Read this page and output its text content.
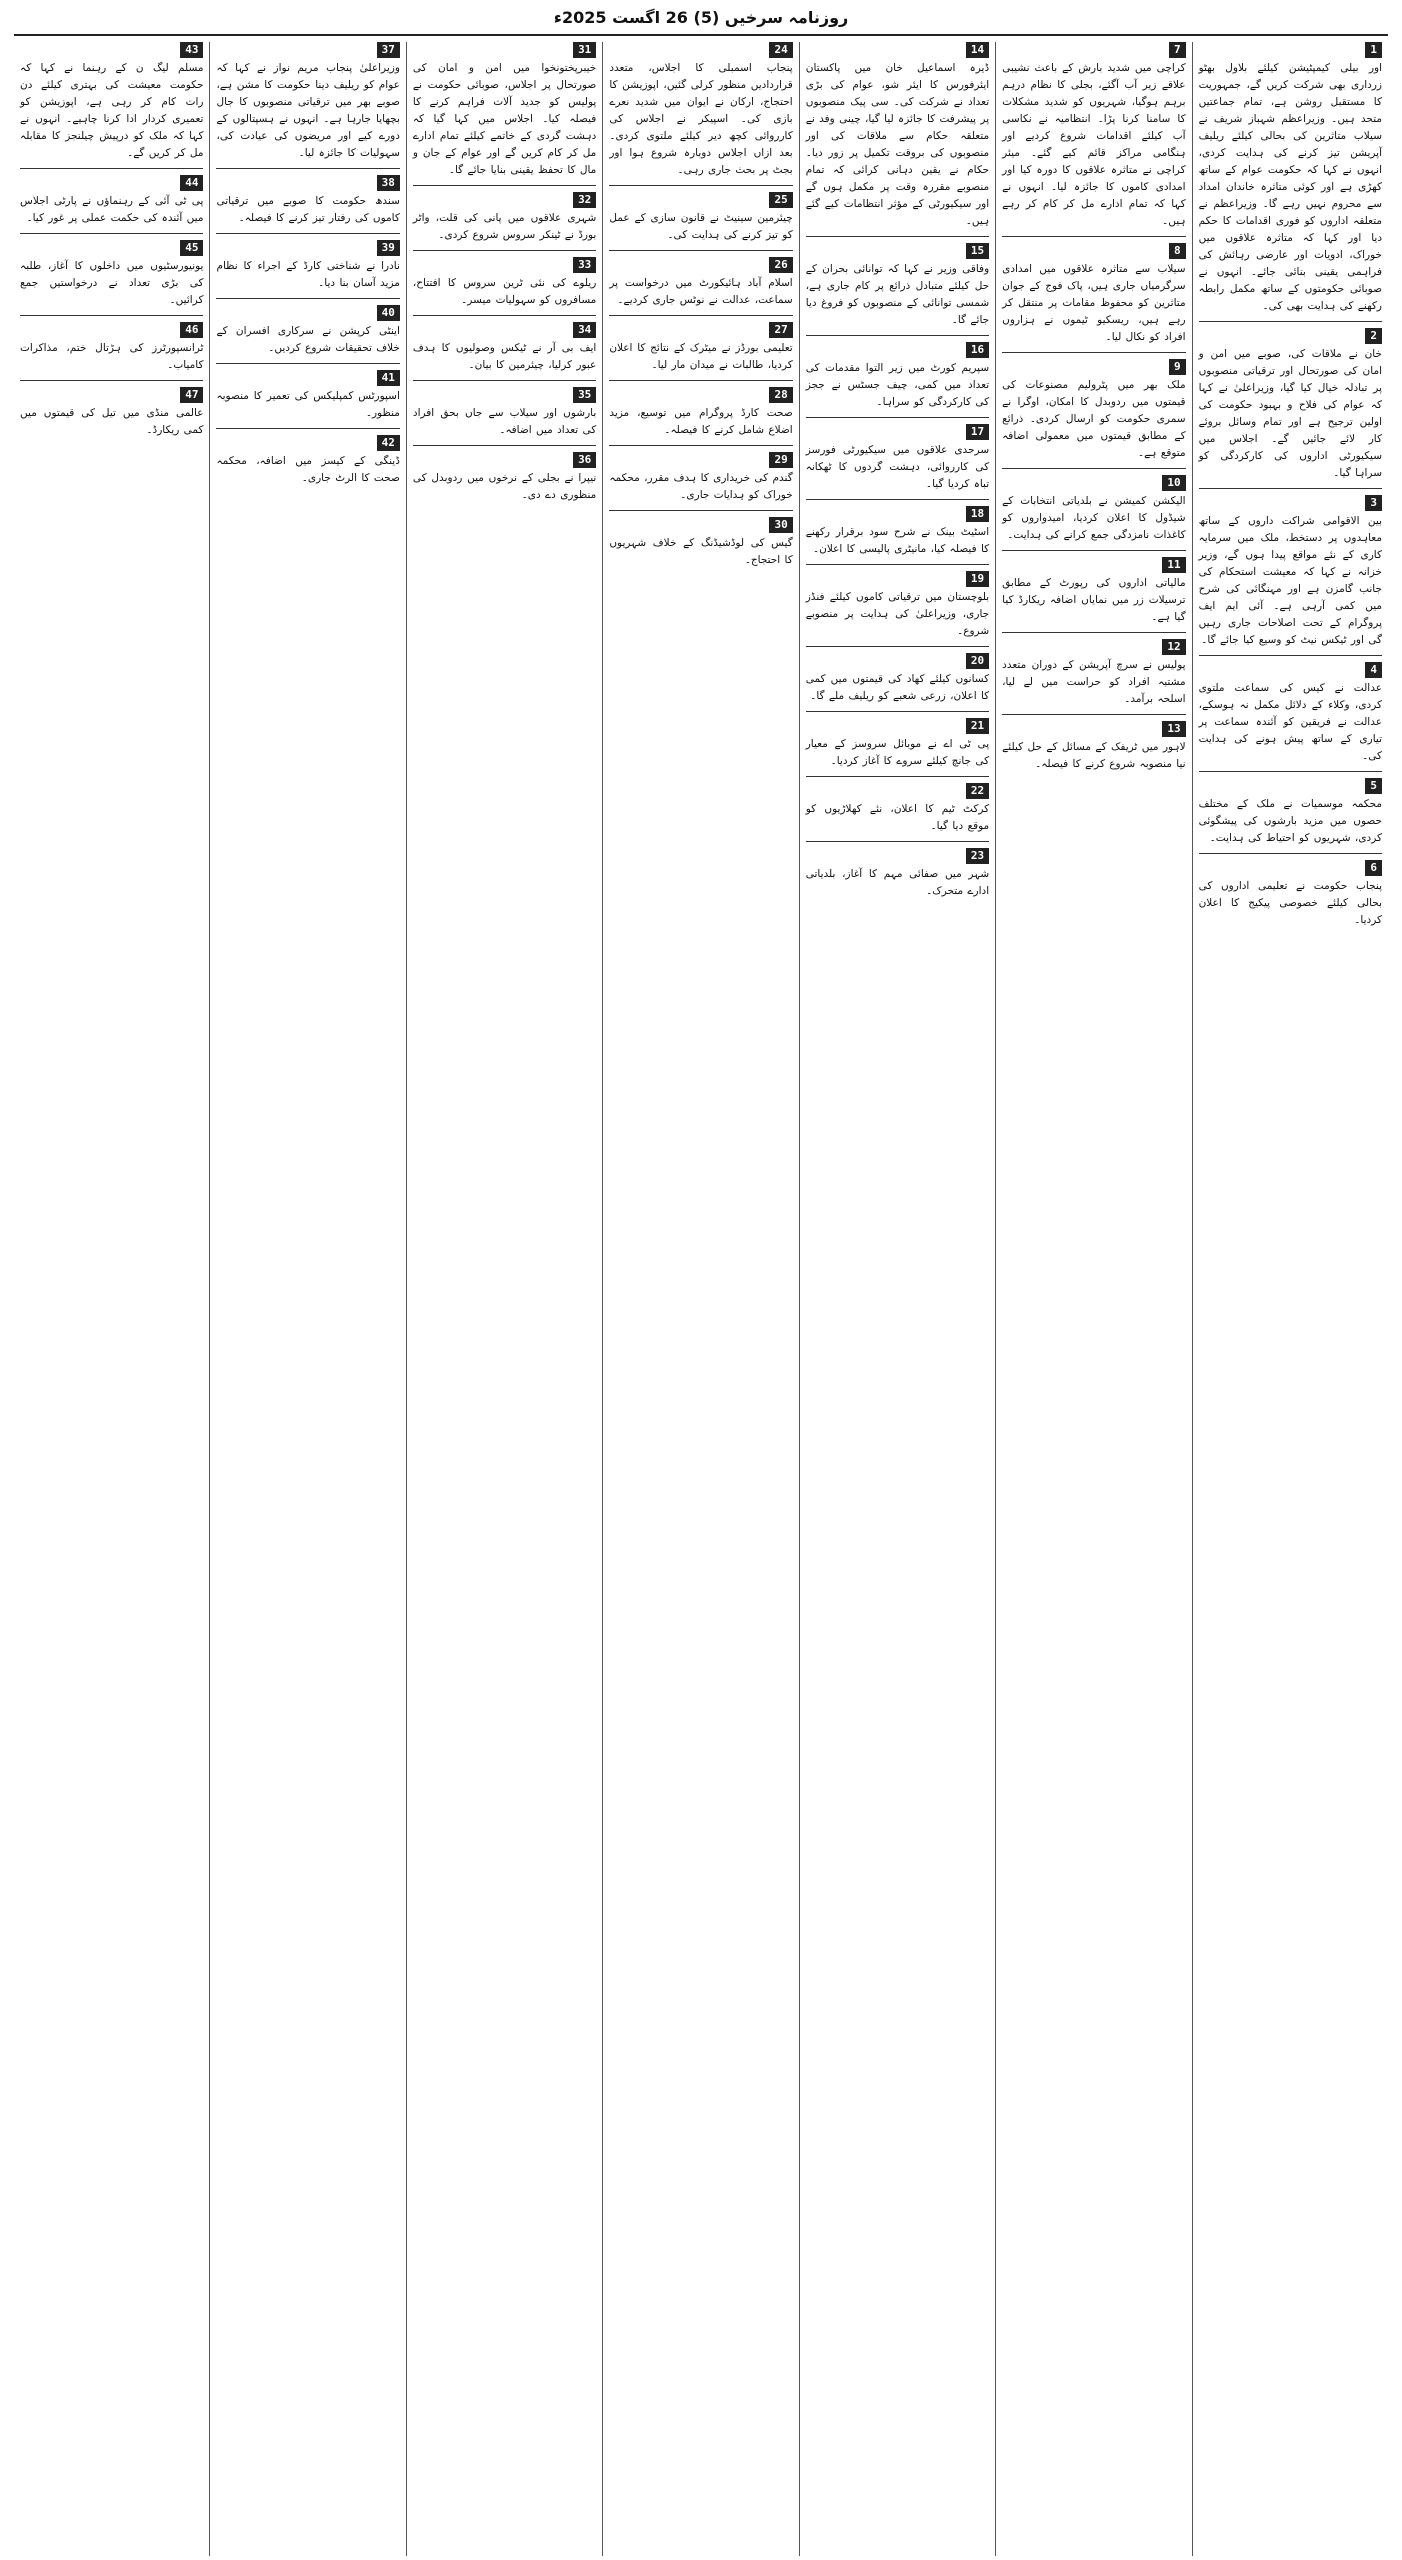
روزنامہ سرخیں (5) 26 اگست 2025ء
1
اور بیلی کیمپٹیشن کیلئے بلاول بھٹو زرداری بھی شرکت کریں گے، جمہوریت کا مستقبل روشن ہے، تمام جماعتیں متحد ہیں۔ وزیراعظم شہباز شریف نے سیلاب متاثرین کی بحالی کیلئے ریلیف آپریشن تیز کرنے کی ہدایت کردی، انہوں نے کہا کہ حکومت عوام کے ساتھ کھڑی ہے اور کوئی متاثرہ خاندان امداد سے محروم نہیں رہے گا۔ وزیراعظم نے متعلقہ اداروں کو فوری اقدامات کا حکم دیا اور کہا کہ متاثرہ علاقوں میں خوراک، ادویات اور عارضی رہائش کی فراہمی یقینی بنائی جائے۔ انہوں نے صوبائی حکومتوں کے ساتھ مکمل رابطہ رکھنے کی ہدایت بھی کی۔
2
خان نے ملاقات کی، صوبے میں امن و امان کی صورتحال اور ترقیاتی منصوبوں پر تبادلہ خیال کیا گیا، وزیراعلیٰ نے کہا کہ عوام کی فلاح و بہبود حکومت کی اولین ترجیح ہے اور تمام وسائل بروئے کار لائے جائیں گے۔ اجلاس میں سیکیورٹی اداروں کی کارکردگی کو سراہا گیا۔
3
بین الاقوامی شراکت داروں کے ساتھ معاہدوں پر دستخط، ملک میں سرمایہ کاری کے نئے مواقع پیدا ہوں گے، وزیر خزانہ نے کہا کہ معیشت استحکام کی جانب گامزن ہے اور مہنگائی کی شرح میں کمی آرہی ہے۔ آئی ایم ایف پروگرام کے تحت اصلاحات جاری رہیں گی اور ٹیکس نیٹ کو وسیع کیا جائے گا۔
4
عدالت نے کیس کی سماعت ملتوی کردی، وکلاء کے دلائل مکمل نہ ہوسکے، عدالت نے فریقین کو آئندہ سماعت پر تیاری کے ساتھ پیش ہونے کی ہدایت کی۔
5
محکمہ موسمیات نے ملک کے مختلف حصوں میں مزید بارشوں کی پیشگوئی کردی، شہریوں کو احتیاط کی ہدایت۔
6
پنجاب حکومت نے تعلیمی اداروں کی بحالی کیلئے خصوصی پیکیج کا اعلان کردیا۔
7
کراچی میں شدید بارش کے باعث نشیبی علاقے زیر آب آگئے، بجلی کا نظام درہم برہم ہوگیا، شہریوں کو شدید مشکلات کا سامنا کرنا پڑا۔ انتظامیہ نے نکاسی آب کیلئے اقدامات شروع کردیے اور ہنگامی مراکز قائم کیے گئے۔ میئر کراچی نے متاثرہ علاقوں کا دورہ کیا اور امدادی کاموں کا جائزہ لیا۔ انہوں نے کہا کہ تمام ادارے مل کر کام کر رہے ہیں۔
8
سیلاب سے متاثرہ علاقوں میں امدادی سرگرمیاں جاری ہیں، پاک فوج کے جوان متاثرین کو محفوظ مقامات پر منتقل کر رہے ہیں، ریسکیو ٹیموں نے ہزاروں افراد کو نکال لیا۔
9
ملک بھر میں پٹرولیم مصنوعات کی قیمتوں میں ردوبدل کا امکان، اوگرا نے سمری حکومت کو ارسال کردی۔ ذرائع کے مطابق قیمتوں میں معمولی اضافہ متوقع ہے۔
10
الیکشن کمیشن نے بلدیاتی انتخابات کے شیڈول کا اعلان کردیا، امیدواروں کو کاغذات نامزدگی جمع کرانے کی ہدایت۔
11
مالیاتی اداروں کی رپورٹ کے مطابق ترسیلات زر میں نمایاں اضافہ ریکارڈ کیا گیا ہے۔
12
پولیس نے سرچ آپریشن کے دوران متعدد مشتبہ افراد کو حراست میں لے لیا، اسلحہ برآمد۔
13
لاہور میں ٹریفک کے مسائل کے حل کیلئے نیا منصوبہ شروع کرنے کا فیصلہ۔
14
ڈیرہ اسماعیل خان میں پاکستان ایئرفورس کا ایئر شو، عوام کی بڑی تعداد نے شرکت کی۔ سی پیک منصوبوں پر پیشرفت کا جائزہ لیا گیا، چینی وفد نے متعلقہ حکام سے ملاقات کی اور منصوبوں کی بروقت تکمیل پر زور دیا۔ حکام نے یقین دہانی کرائی کہ تمام منصوبے مقررہ وقت پر مکمل ہوں گے اور سیکیورٹی کے مؤثر انتظامات کیے گئے ہیں۔
15
وفاقی وزیر نے کہا کہ توانائی بحران کے حل کیلئے متبادل ذرائع پر کام جاری ہے، شمسی توانائی کے منصوبوں کو فروغ دیا جائے گا۔
16
سپریم کورٹ میں زیر التوا مقدمات کی تعداد میں کمی، چیف جسٹس نے ججز کی کارکردگی کو سراہا۔
17
سرحدی علاقوں میں سیکیورٹی فورسز کی کارروائی، دہشت گردوں کا ٹھکانہ تباہ کردیا گیا۔
18
اسٹیٹ بینک نے شرح سود برقرار رکھنے کا فیصلہ کیا، مانیٹری پالیسی کا اعلان۔
19
بلوچستان میں ترقیاتی کاموں کیلئے فنڈز جاری، وزیراعلیٰ کی ہدایت پر منصوبے شروع۔
20
کسانوں کیلئے کھاد کی قیمتوں میں کمی کا اعلان، زرعی شعبے کو ریلیف ملے گا۔
21
پی ٹی اے نے موبائل سروسز کے معیار کی جانچ کیلئے سروے کا آغاز کردیا۔
22
کرکٹ ٹیم کا اعلان، نئے کھلاڑیوں کو موقع دیا گیا۔
23
شہر میں صفائی مہم کا آغاز، بلدیاتی ادارے متحرک۔
24
پنجاب اسمبلی کا اجلاس، متعدد قراردادیں منظور کرلی گئیں، اپوزیشن کا احتجاج، ارکان نے ایوان میں شدید نعرے بازی کی۔ اسپیکر نے اجلاس کی کارروائی کچھ دیر کیلئے ملتوی کردی۔ بعد ازاں اجلاس دوبارہ شروع ہوا اور بجٹ پر بحث جاری رہی۔
25
چیئرمین سینیٹ نے قانون سازی کے عمل کو تیز کرنے کی ہدایت کی۔
26
اسلام آباد ہائیکورٹ میں درخواست پر سماعت، عدالت نے نوٹس جاری کردیے۔
27
تعلیمی بورڈز نے میٹرک کے نتائج کا اعلان کردیا، طالبات نے میدان مار لیا۔
28
صحت کارڈ پروگرام میں توسیع، مزید اضلاع شامل کرنے کا فیصلہ۔
29
گندم کی خریداری کا ہدف مقرر، محکمہ خوراک کو ہدایات جاری۔
30
گیس کی لوڈشیڈنگ کے خلاف شہریوں کا احتجاج۔
31
خیبرپختونخوا میں امن و امان کی صورتحال پر اجلاس، صوبائی حکومت نے پولیس کو جدید آلات فراہم کرنے کا فیصلہ کیا۔ اجلاس میں کہا گیا کہ دہشت گردی کے خاتمے کیلئے تمام ادارے مل کر کام کریں گے اور عوام کے جان و مال کا تحفظ یقینی بنایا جائے گا۔
32
شہری علاقوں میں پانی کی قلت، واٹر بورڈ نے ٹینکر سروس شروع کردی۔
33
ریلوے کی نئی ٹرین سروس کا افتتاح، مسافروں کو سہولیات میسر۔
34
ایف بی آر نے ٹیکس وصولیوں کا ہدف عبور کرلیا، چیئرمین کا بیان۔
35
بارشوں اور سیلاب سے جاں بحق افراد کی تعداد میں اضافہ۔
36
نیپرا نے بجلی کے نرخوں میں ردوبدل کی منظوری دے دی۔
37
وزیراعلیٰ پنجاب مریم نواز نے کہا کہ عوام کو ریلیف دینا حکومت کا مشن ہے، صوبے بھر میں ترقیاتی منصوبوں کا جال بچھایا جارہا ہے۔ انہوں نے ہسپتالوں کے دورے کیے اور مریضوں کی عیادت کی، سہولیات کا جائزہ لیا۔
38
سندھ حکومت کا صوبے میں ترقیاتی کاموں کی رفتار تیز کرنے کا فیصلہ۔
39
نادرا نے شناختی کارڈ کے اجراء کا نظام مزید آسان بنا دیا۔
40
اینٹی کرپشن نے سرکاری افسران کے خلاف تحقیقات شروع کردیں۔
41
اسپورٹس کمپلیکس کی تعمیر کا منصوبہ منظور۔
42
ڈینگی کے کیسز میں اضافہ، محکمہ صحت کا الرٹ جاری۔
43
مسلم لیگ ن کے رہنما نے کہا کہ حکومت معیشت کی بہتری کیلئے دن رات کام کر رہی ہے، اپوزیشن کو تعمیری کردار ادا کرنا چاہیے۔ انہوں نے کہا کہ ملک کو درپیش چیلنجز کا مقابلہ مل کر کریں گے۔
44
پی ٹی آئی کے رہنماؤں نے پارٹی اجلاس میں آئندہ کی حکمت عملی پر غور کیا۔
45
یونیورسٹیوں میں داخلوں کا آغاز، طلبہ کی بڑی تعداد نے درخواستیں جمع کرائیں۔
46
ٹرانسپورٹرز کی ہڑتال ختم، مذاکرات کامیاب۔
47
عالمی منڈی میں تیل کی قیمتوں میں کمی ریکارڈ۔
